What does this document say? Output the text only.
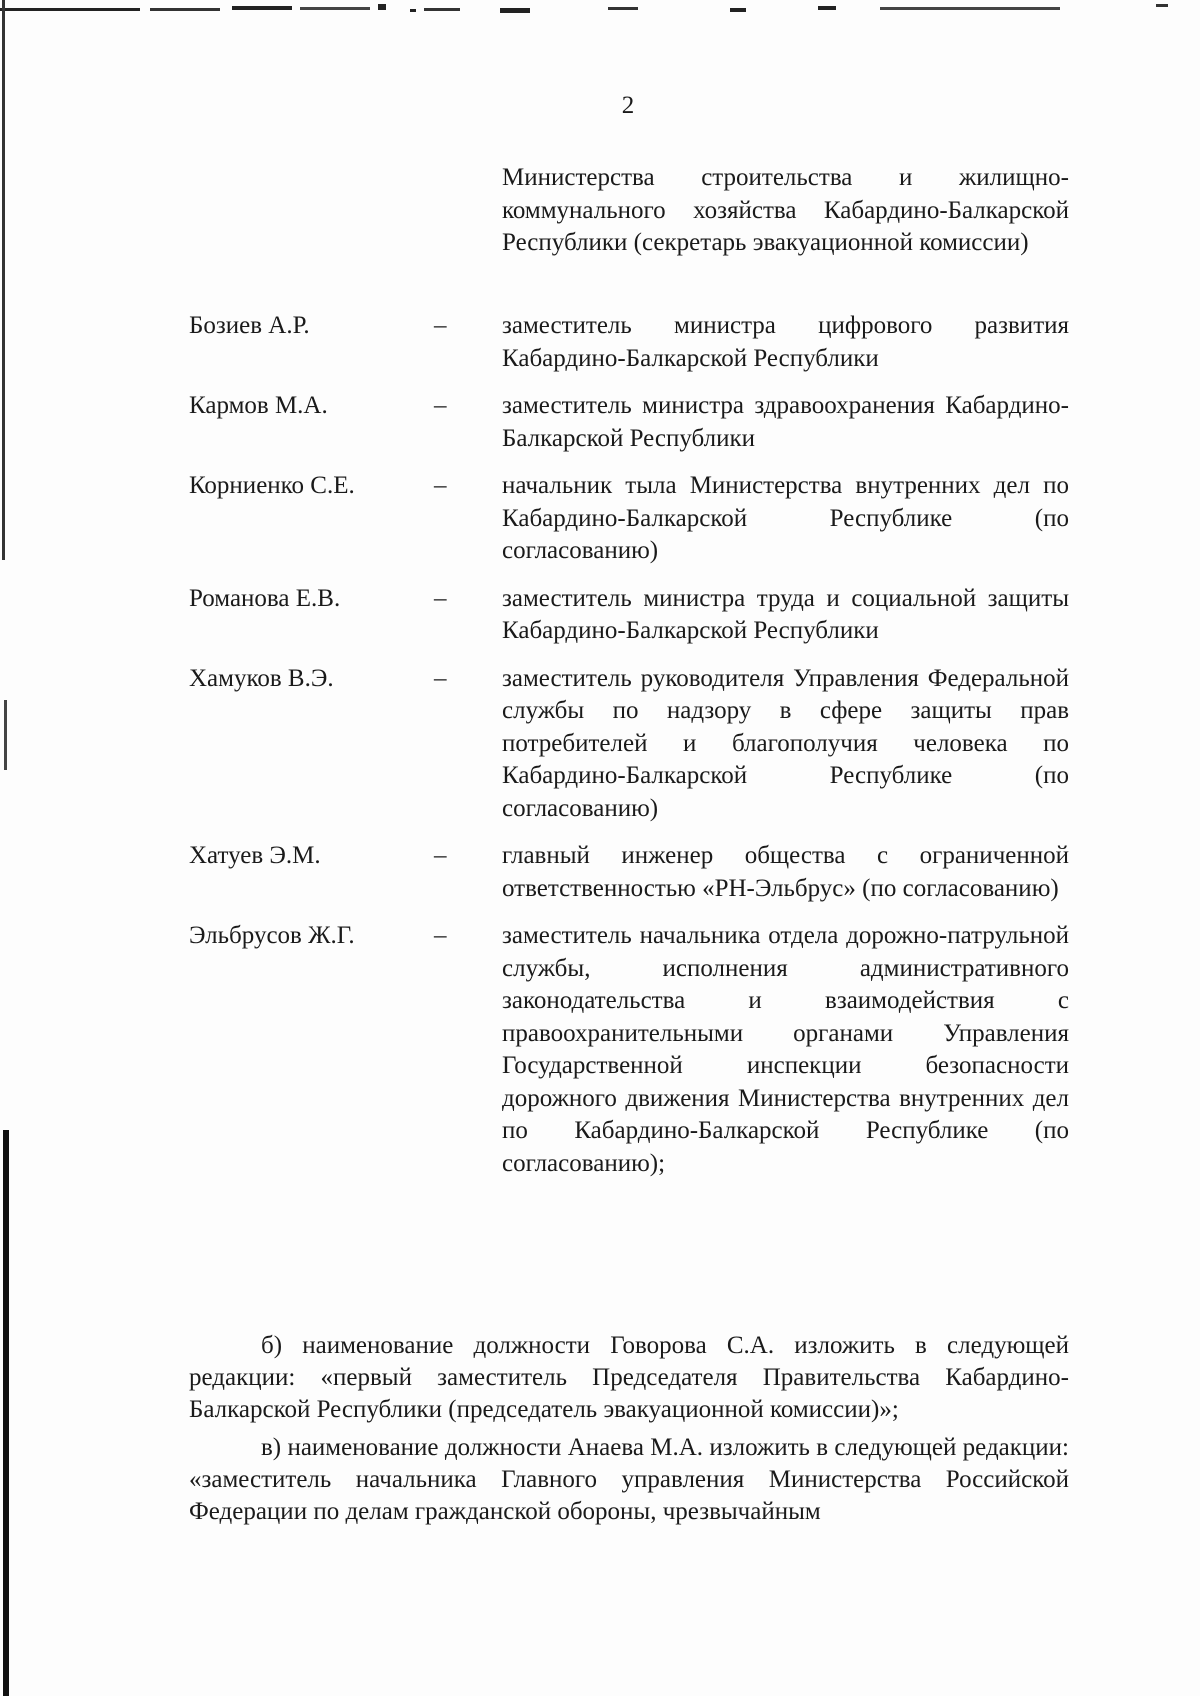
2
Министерства строительства и жилищно-коммунального хозяйства Кабардино-Балкарской Республики (секретарь эвакуационной комиссии)
Бозиев А.Р.	–	заместитель министра цифрового развития Кабардино-Балкарской Республики
Кармов М.А.	–	заместитель министра здравоохранения Кабардино-Балкарской Республики
Корниенко С.Е.	–	начальник тыла Министерства внутренних дел по Кабардино-Балкарской Республике (по согласованию)
Романова Е.В.	–	заместитель министра труда и социальной защиты Кабардино-Балкарской Республики
Хамуков В.Э.	–	заместитель руководителя Управления Федеральной службы по надзору в сфере защиты прав потребителей и благополучия человека по Кабардино-Балкарской Республике (по согласованию)
Хатуев Э.М.	–	главный инженер общества с ограниченной ответственностью «РН-Эльбрус» (по согласованию)
Эльбрусов Ж.Г.	–	заместитель начальника отдела дорожно-патрульной службы, исполнения административного законодательства и взаимодействия с правоохранительными органами Управления Государственной инспекции безопасности дорожного движения Министерства внутренних дел по Кабардино-Балкарской Республике (по согласованию);

б) наименование должности Говорова С.А. изложить в следующей редакции: «первый заместитель Председателя Правительства Кабардино-Балкарской Республики (председатель эвакуационной комиссии)»;

в) наименование должности Анаева М.А. изложить в следующей редакции: «заместитель начальника Главного управления Министерства Российской Федерации по делам гражданской обороны, чрезвычайным
